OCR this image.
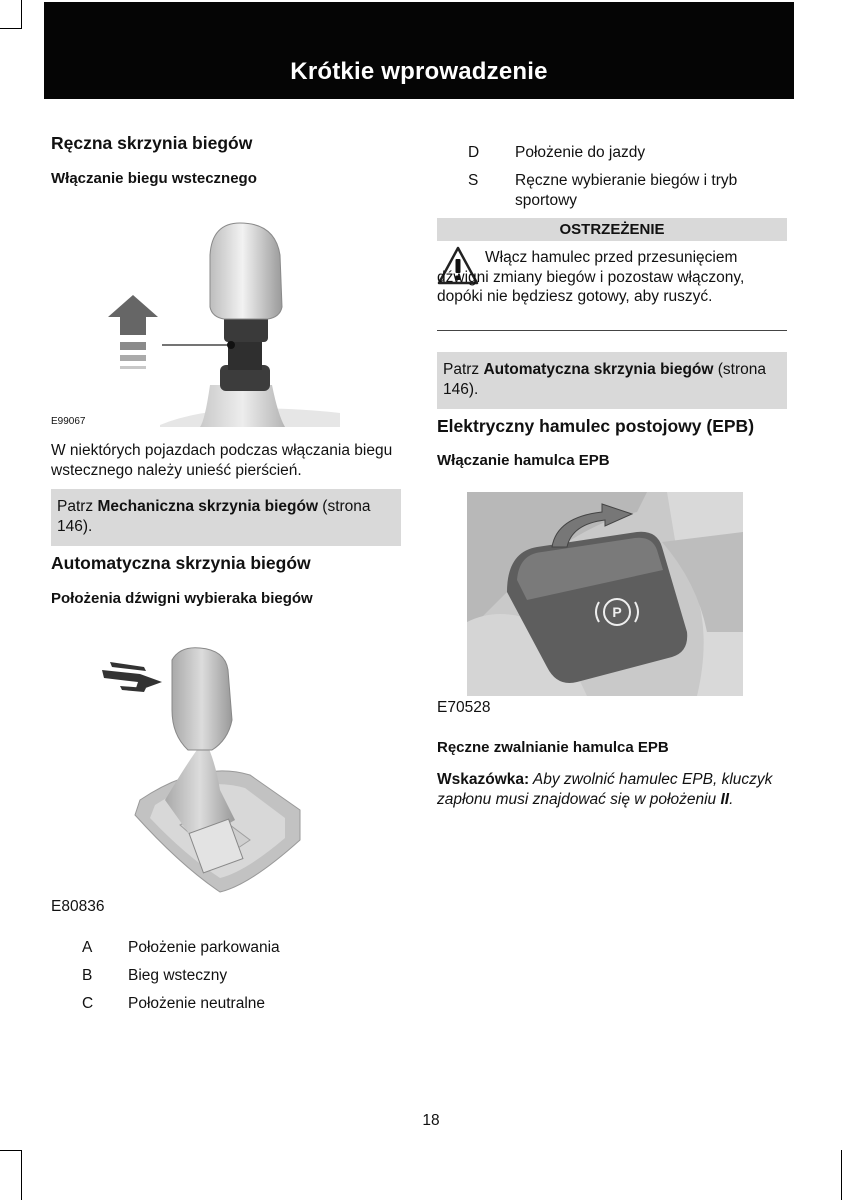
Krótkie wprowadzenie
Ręczna skrzynia biegów
Włączanie biegu wstecznego
E99067
W niektórych pojazdach podczas włączania biegu wstecznego należy unieść pierścień.
Patrz Mechaniczna skrzynia biegów (strona 146).
Automatyczna skrzynia biegów
Położenia dźwigni wybieraka biegów
E80836
A Położenie parkowania
B Bieg wsteczny
C Położenie neutralne
D Położenie do jazdy
S Ręczne wybieranie biegów i tryb sportowy
OSTRZEŻENIE
Włącz hamulec przed przesunięciem dźwigni zmiany biegów i pozostaw włączony, dopóki nie będziesz gotowy, aby ruszyć.
Patrz Automatyczna skrzynia biegów (strona 146).
Elektryczny hamulec postojowy (EPB)
Włączanie hamulca EPB
P
E70528
Ręczne zwalnianie hamulca EPB
Wskazówka: Aby zwolnić hamulec EPB, kluczyk zapłonu musi znajdować się w położeniu II.
18
